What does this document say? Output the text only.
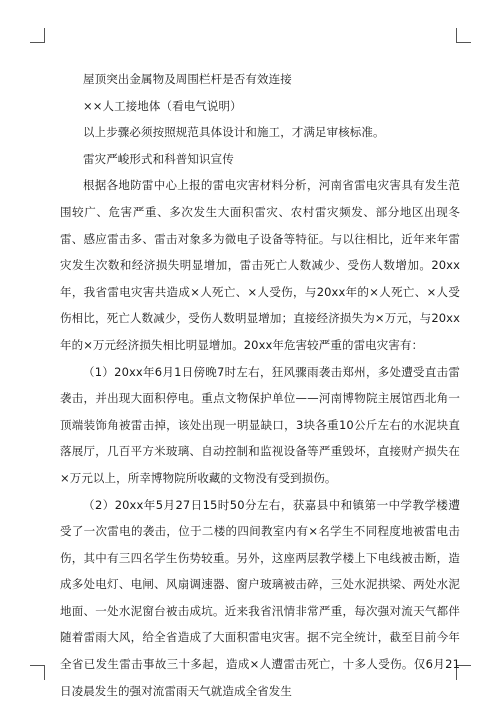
屋顶突出金属物及周围栏杆是否有效连接

××人工接地体（看电气说明）

以上步骤必须按照规范具体设计和施工，才满足审核标准。

雷灾严峻形式和科普知识宣传

根据各地防雷中心上报的雷电灾害材料分析，河南省雷电灾害具有发生范围较广、危害严重、多次发生大面积雷灾、农村雷灾频发、部分地区出现冬雷、感应雷击多、雷击对象多为微电子设备等特征。与以往相比，近年来年雷灾发生次数和经济损失明显增加，雷击死亡人数减少、受伤人数增加。20xx年，我省雷电灾害共造成×人死亡、×人受伤，与20xx年的×人死亡、×人受伤相比，死亡人数减少，受伤人数明显增加；直接经济损失为×万元，与20xx年的×万元经济损失相比明显增加。20xx年危害较严重的雷电灾害有：

（1）20xx年6月1日傍晚7时左右，狂风骤雨袭击郑州，多处遭受直击雷袭击，并出现大面积停电。重点文物保护单位——河南博物院主展馆西北角一顶端装饰角被雷击掉，该处出现一明显缺口，3块各重10公斤左右的水泥块直落展厅，几百平方米玻璃、自动控制和监视设备等严重毁坏，直接财产损失在×万元以上，所幸博物院所收藏的文物没有受到损伤。

（2）20xx年5月27日15时50分左右，获嘉县中和镇第一中学教学楼遭受了一次雷电的袭击，位于二楼的四间教室内有×名学生不同程度地被雷电击伤，其中有三四名学生伤势较重。另外，这座两层教学楼上下电线被击断，造成多处电灯、电闸、风扇调速器、窗户玻璃被击碎，三处水泥拱梁、两处水泥地面、一处水泥窗台被击成坑。近来我省汛情非常严重，每次强对流天气都伴随着雷雨大风，给全省造成了大面积雷电灾害。据不完全统计，截至目前今年全省已发生雷击事故三十多起，造成×人遭雷击死亡，十多人受伤。仅6月21日凌晨发生的强对流雷雨天气就造成全省发生
